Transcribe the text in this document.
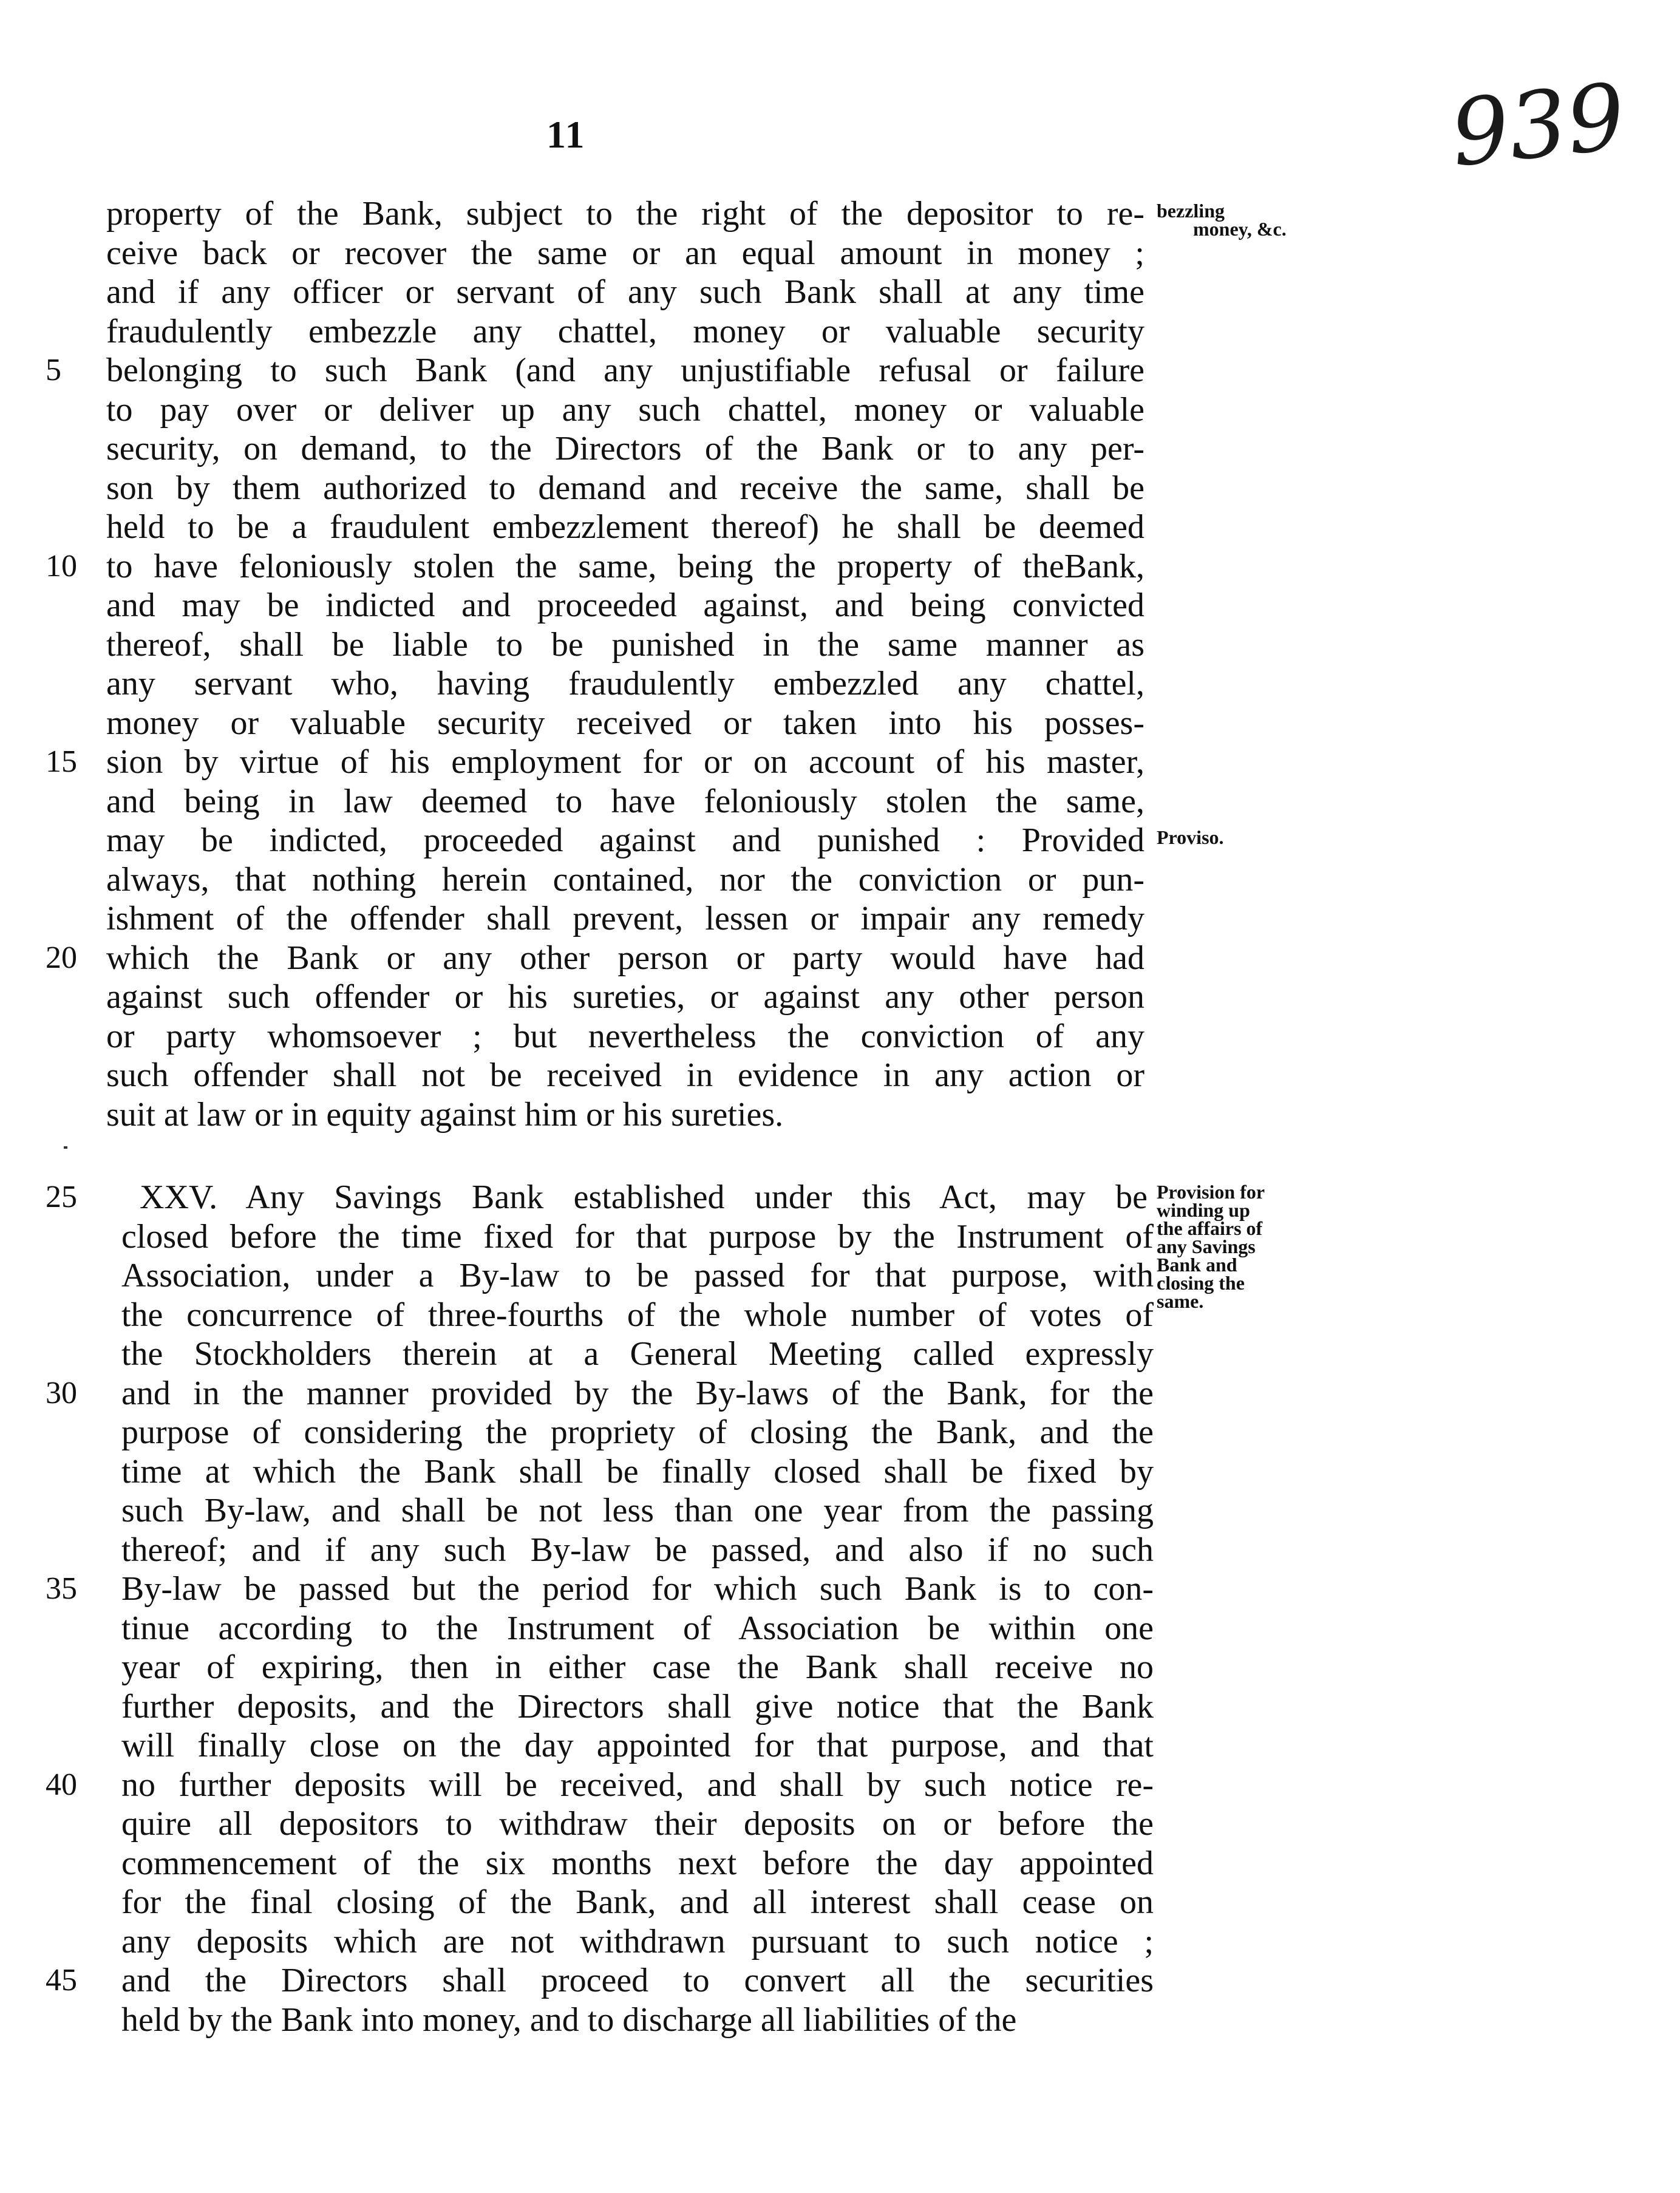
11	939
property of the Bank, subject to the right of the depositor to re-
ceive back or recover the same or an equal amount in money ;
and if any officer or servant of any such Bank shall at any time
fraudulently embezzle any chattel, money or valuable security
belonging to such Bank (and any unjustifiable refusal or failure
5
to pay over or deliver up any such chattel, money or valuable
security, on demand, to the Directors of the Bank or to any per-
son by them authorized to demand and receive the same, shall be
held to be a fraudulent embezzlement thereof) he shall be deemed
to have feloniously stolen the same, being the property of theBank,
10
and may be indicted and proceeded against, and being convicted
thereof, shall be liable to be punished in the same manner as
any servant who, having fraudulently embezzled any chattel,
money or valuable security received or taken into his posses-
sion by virtue of his employment for or on account of his master,
15
and being in law deemed to have feloniously stolen the same,
may be indicted, proceeded against and punished : Provided
always, that nothing herein contained, nor the conviction or pun-
ishment of the offender shall prevent, lessen or impair any remedy
which the Bank or any other person or party would have had
20
against such offender or his sureties, or against any other person
or party whomsoever ; but nevertheless the conviction of any
such offender shall not be received in evidence in any action or
suit at law or in equity against him or his sureties.
bezzling
money, &c.
Proviso.
XXV. Any Savings Bank established under this Act, may be
25
closed before the time fixed for that purpose by the Instrument of
Association, under a By-law to be passed for that purpose, with
the concurrence of three-fourths of the whole number of votes of
the Stockholders therein at a General Meeting called expressly
and in the manner provided by the By-laws of the Bank, for the
30
purpose of considering the propriety of closing the Bank, and the
time at which the Bank shall be finally closed shall be fixed by
such By-law, and shall be not less than one year from the passing
thereof; and if any such By-law be passed, and also if no such
By-law be passed but the period for which such Bank is to con-
35
tinue according to the Instrument of Association be within one
year of expiring, then in either case the Bank shall receive no
further deposits, and the Directors shall give notice that the Bank
will finally close on the day appointed for that purpose, and that
no further deposits will be received, and shall by such notice re-
40
quire all depositors to withdraw their deposits on or before the
commencement of the six months next before the day appointed
for the final closing of the Bank, and all interest shall cease on
any deposits which are not withdrawn pursuant to such notice ;
and the Directors shall proceed to convert all the securities
45
held by the Bank into money, and to discharge all liabilities of the
Provision for
winding up
the affairs of
any Savings
Bank and
closing the
same.
